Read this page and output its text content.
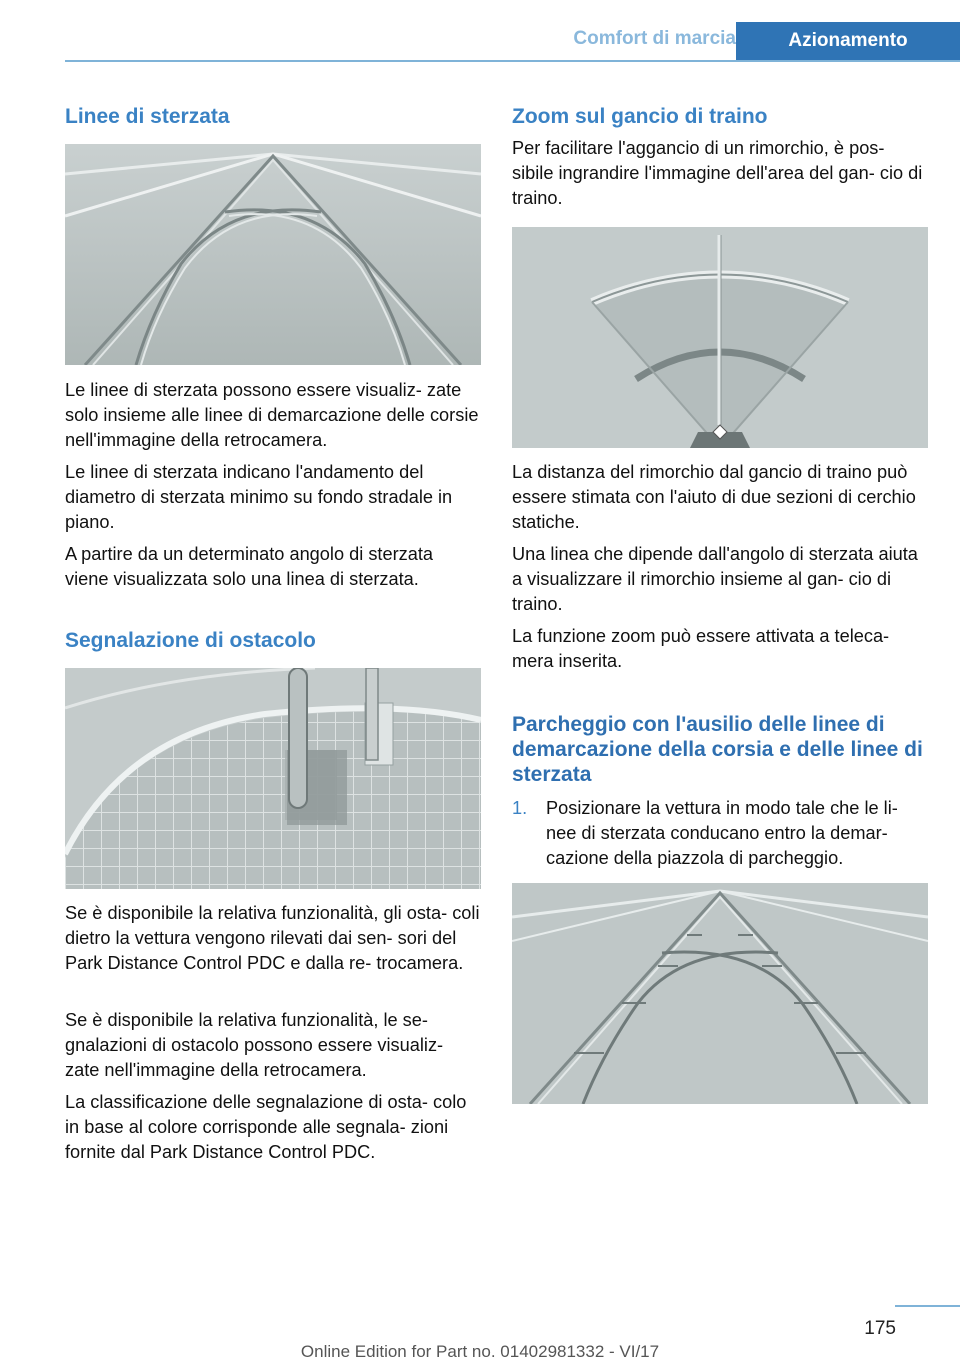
Comfort di marcia	Azionamento
Linee di sterzata

Le linee di sterzata possono essere visualiz‐ zate solo insieme alle linee di demarcazione delle corsie nell'immagine della retrocamera.

Le linee di sterzata indicano l'andamento del diametro di sterzata minimo su fondo stradale in piano.

A partire da un determinato angolo di sterzata viene visualizzata solo una linea di sterzata.

Segnalazione di ostacolo

Se è disponibile la relativa funzionalità, gli osta‐ coli dietro la vettura vengono rilevati dai sen‐ sori del Park Distance Control PDC e dalla re‐ trocamera.

Se è disponibile la relativa funzionalità, le se‐ gnalazioni di ostacolo possono essere visualiz‐ zate nell'immagine della retrocamera.

La classificazione delle segnalazione di osta‐ colo in base al colore corrisponde alle segnala‐ zioni fornite dal Park Distance Control PDC.

Zoom sul gancio di traino

Per facilitare l'aggancio di un rimorchio, è pos‐ sibile ingrandire l'immagine dell'area del gan‐ cio di traino.

La distanza del rimorchio dal gancio di traino può essere stimata con l'aiuto di due sezioni di cerchio statiche.

Una linea che dipende dall'angolo di sterzata aiuta a visualizzare il rimorchio insieme al gan‐ cio di traino.

La funzione zoom può essere attivata a teleca‐ mera inserita.

Parcheggio con l'ausilio delle linee di demarcazione della corsia e delle linee di sterzata
1. Posizionare la vettura in modo tale che le li‐ nee di sterzata conducano entro la demar‐ cazione della piazzola di parcheggio.
175
Online Edition for Part no. 01402981332 - VI/17
